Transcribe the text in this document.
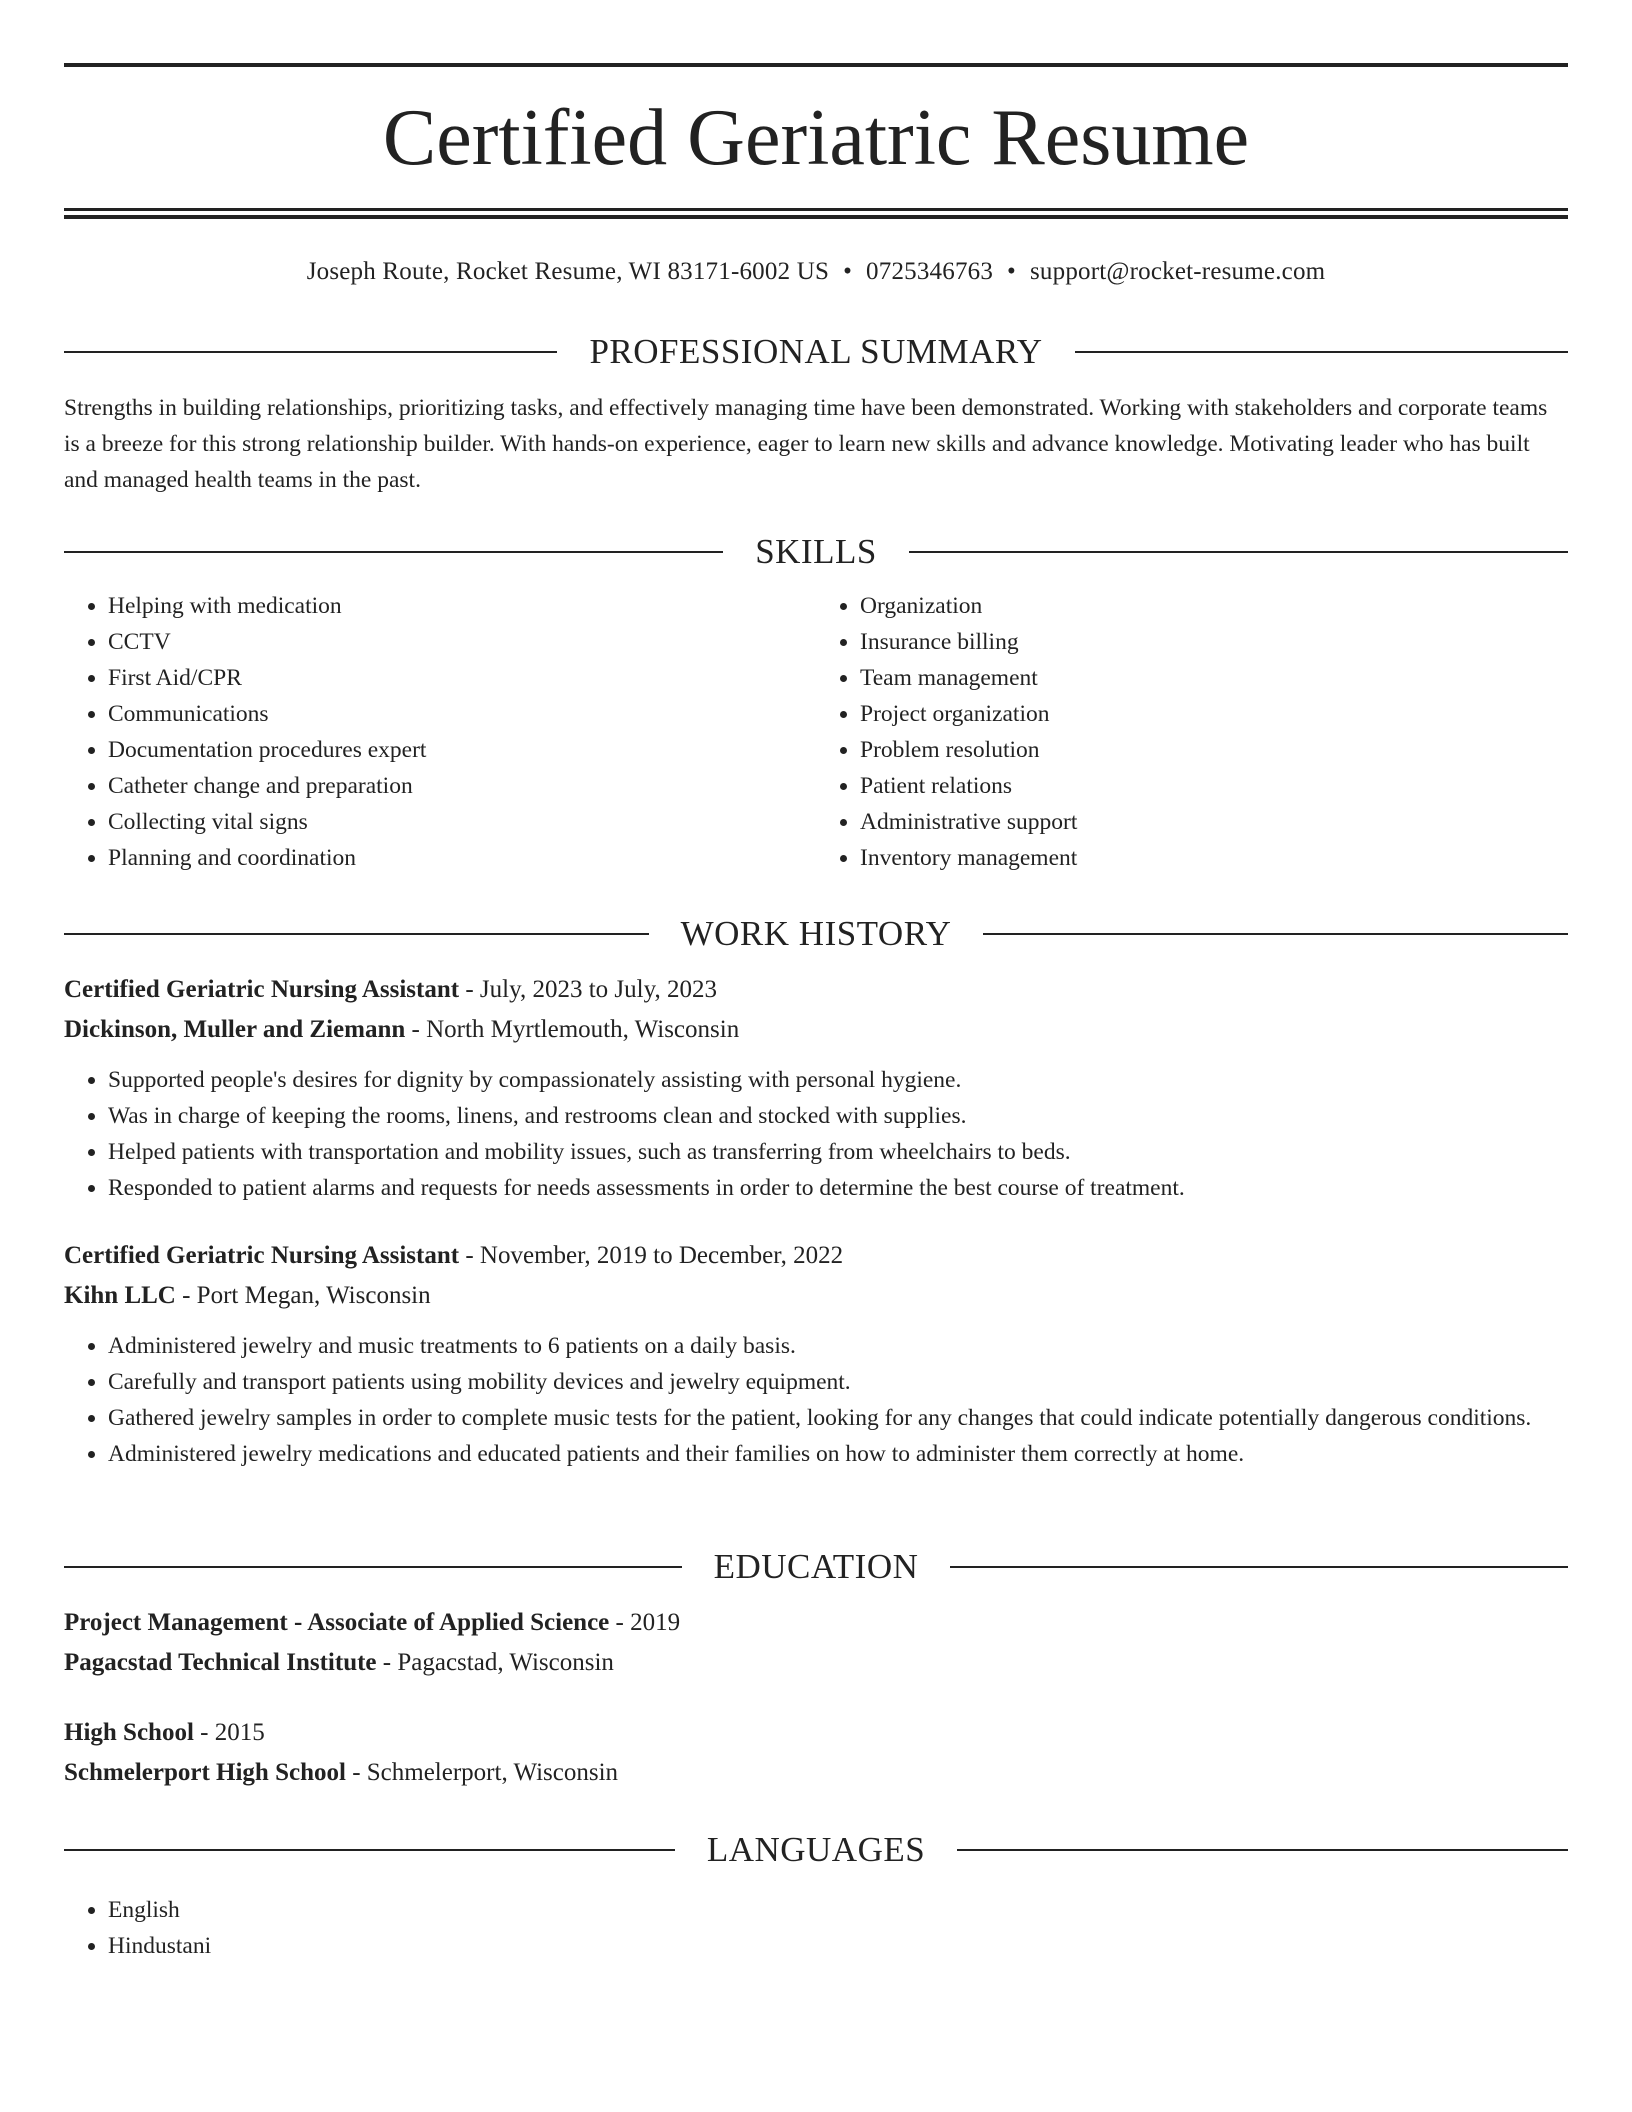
Certified Geriatric Resume
Joseph Route, Rocket Resume, WI 83171-6002 US • 0725346763 • support@rocket-resume.com
PROFESSIONAL SUMMARY

Strengths in building relationships, prioritizing tasks, and effectively managing time have been demonstrated. Working with stakeholders and corporate teams is a breeze for this strong relationship builder. With hands-on experience, eager to learn new skills and advance knowledge. Motivating leader who has built and managed health teams in the past.

SKILLS
• Helping with medication
• CCTV
• First Aid/CPR
• Communications
• Documentation procedures expert
• Catheter change and preparation
• Collecting vital signs
• Planning and coordination
• Organization
• Insurance billing
• Team management
• Project organization
• Problem resolution
• Patient relations
• Administrative support
• Inventory management
WORK HISTORY
Certified Geriatric Nursing Assistant - July, 2023 to July, 2023
Dickinson, Muller and Ziemann - North Myrtlemouth, Wisconsin
• Supported people's desires for dignity by compassionately assisting with personal hygiene.
• Was in charge of keeping the rooms, linens, and restrooms clean and stocked with supplies.
• Helped patients with transportation and mobility issues, such as transferring from wheelchairs to beds.
• Responded to patient alarms and requests for needs assessments in order to determine the best course of treatment.
Certified Geriatric Nursing Assistant - November, 2019 to December, 2022
Kihn LLC - Port Megan, Wisconsin
• Administered jewelry and music treatments to 6 patients on a daily basis.
• Carefully and transport patients using mobility devices and jewelry equipment.
• Gathered jewelry samples in order to complete music tests for the patient, looking for any changes that could indicate potentially dangerous conditions.
• Administered jewelry medications and educated patients and their families on how to administer them correctly at home.
EDUCATION
Project Management - Associate of Applied Science - 2019
Pagacstad Technical Institute - Pagacstad, Wisconsin
High School - 2015
Schmelerport High School - Schmelerport, Wisconsin
LANGUAGES
• English
• Hindustani
